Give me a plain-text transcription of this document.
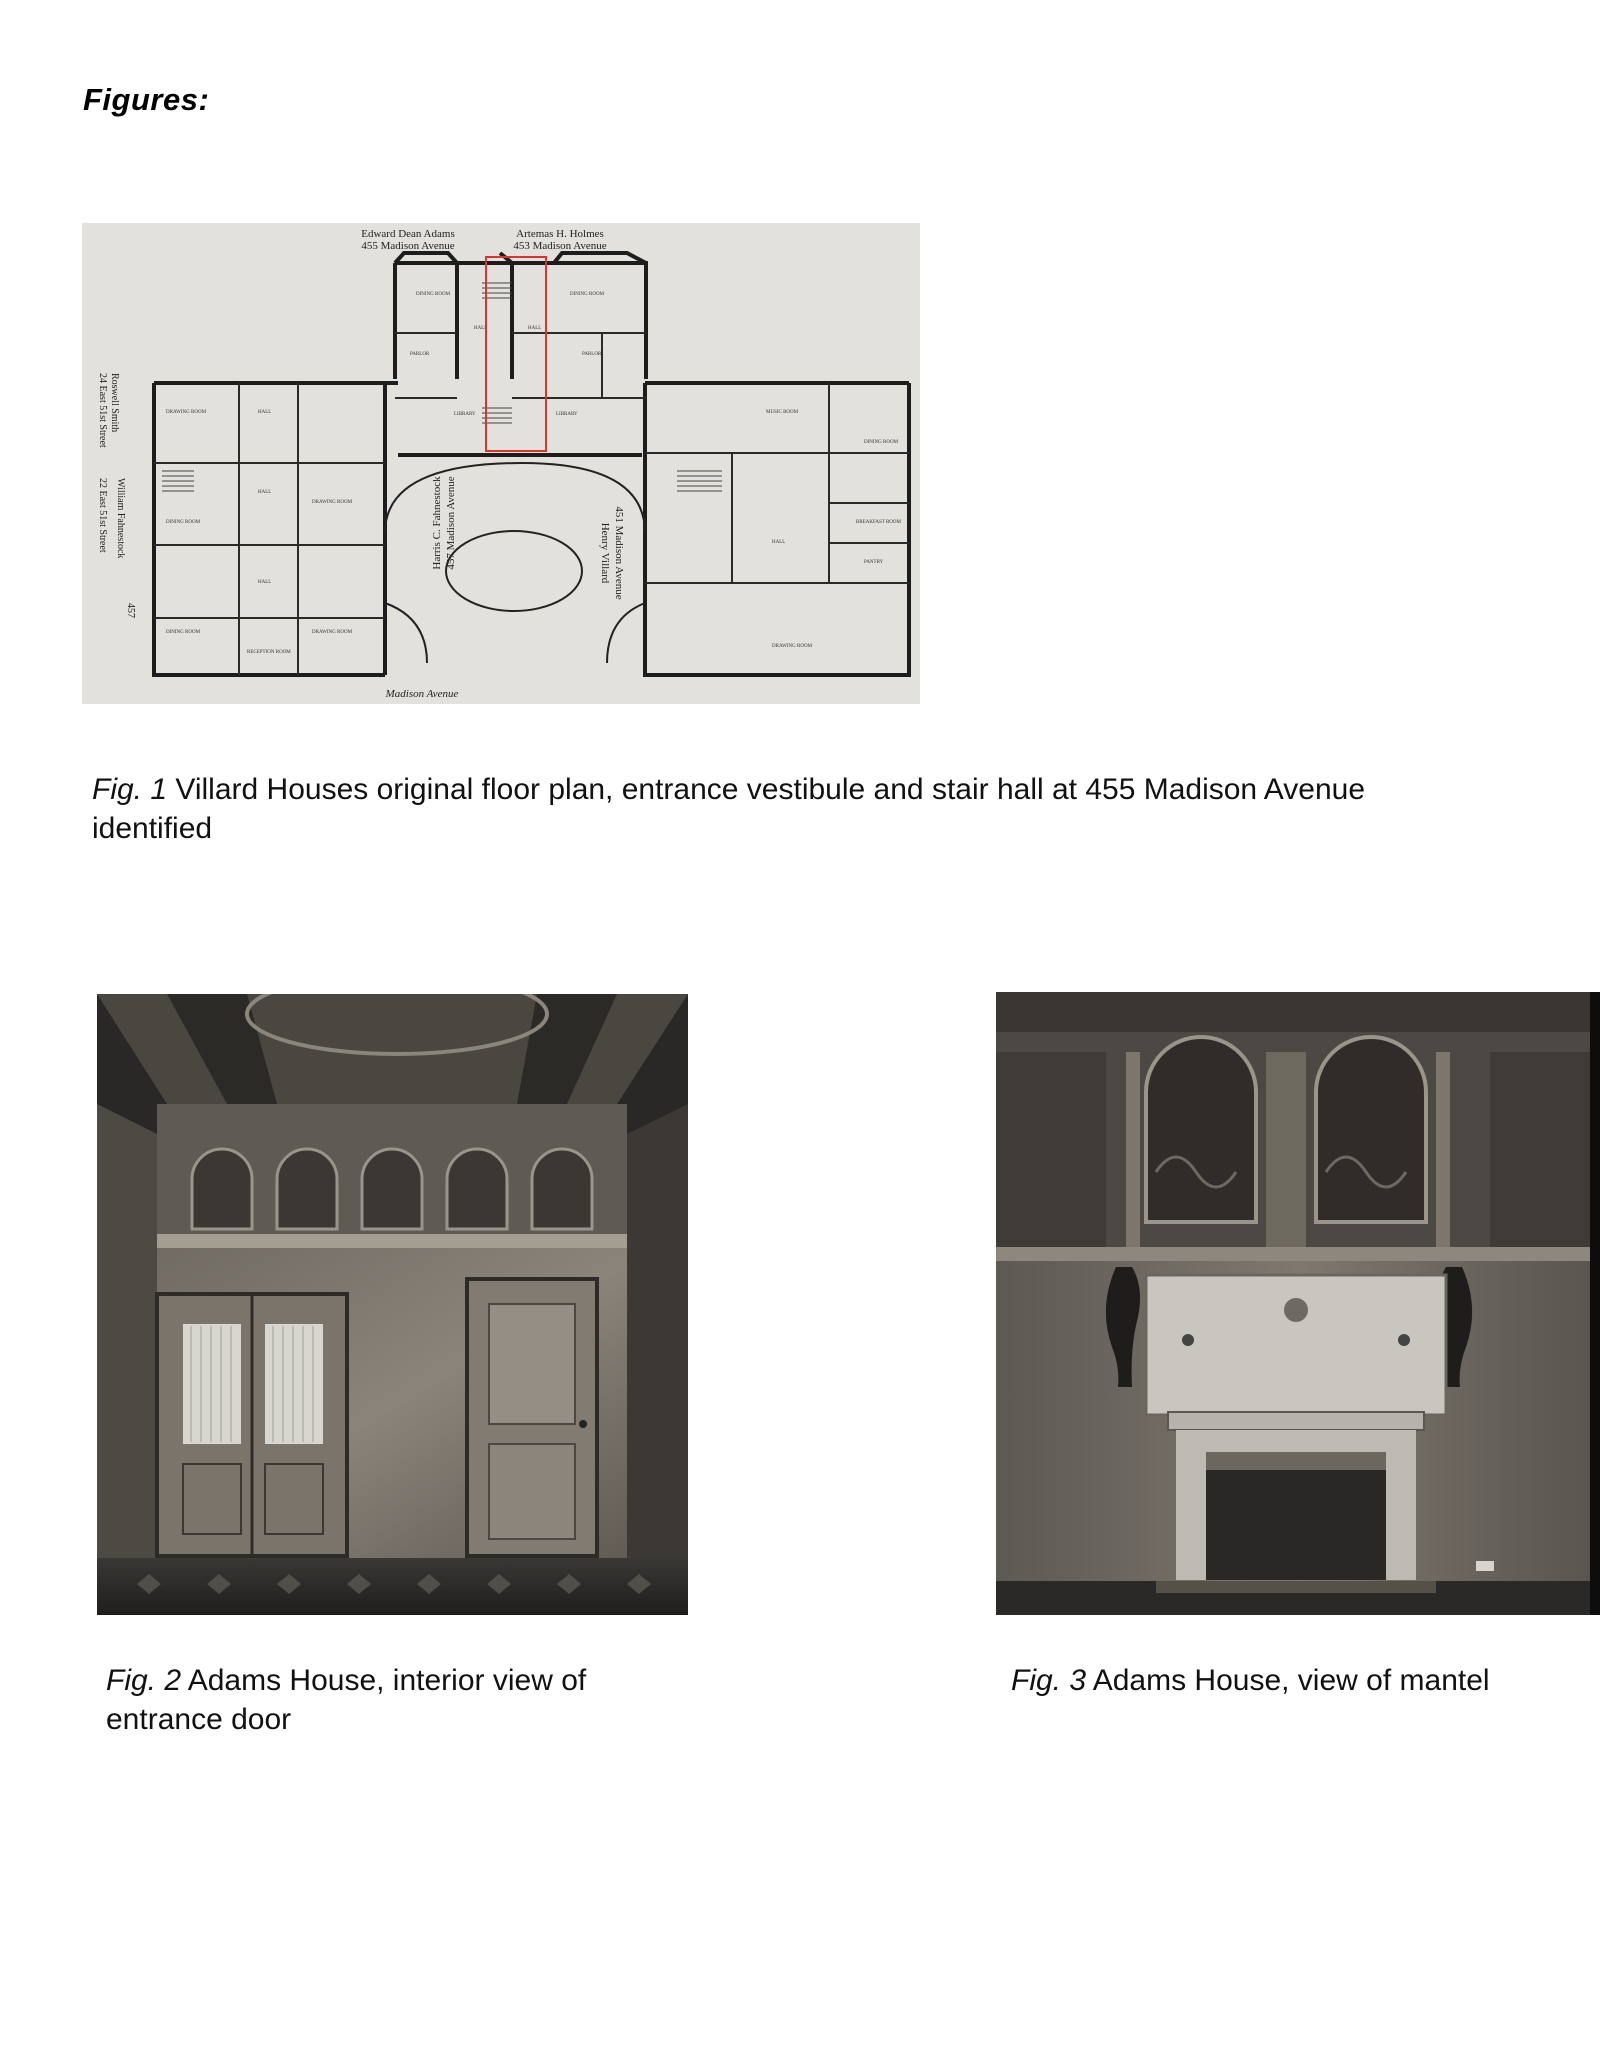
Figures:
Edward Dean Adams
455 Madison Avenue
Artemas H. Holmes
453 Madison Avenue
Roswell Smith
24 East 51st Street
William Fahnestock
22 East 51st Street
457
Harris C. Fahnestock 457 Madison Avenue	Henry Villard 451 Madison Avenue
Madison Avenue
DINING ROOM	DINING ROOM
PARLOR	PARLOR
HALL	HALL
LIBRARY	LIBRARY
DRAWING ROOM
DRAWING ROOM
DRAWING ROOM
DRAWING ROOM
DINING ROOM
DINING ROOM
MUSIC ROOM
DINING ROOM
BREAKFAST ROOM
PANTRY
HALL
HALL
HALL
HALL
RECEPTION ROOM

Fig. 1 Villard Houses original floor plan, entrance vestibule and stair hall at 455 Madison Avenue identified

Fig. 2 Adams House, interior view of entrance door

Fig. 3 Adams House, view of mantel
